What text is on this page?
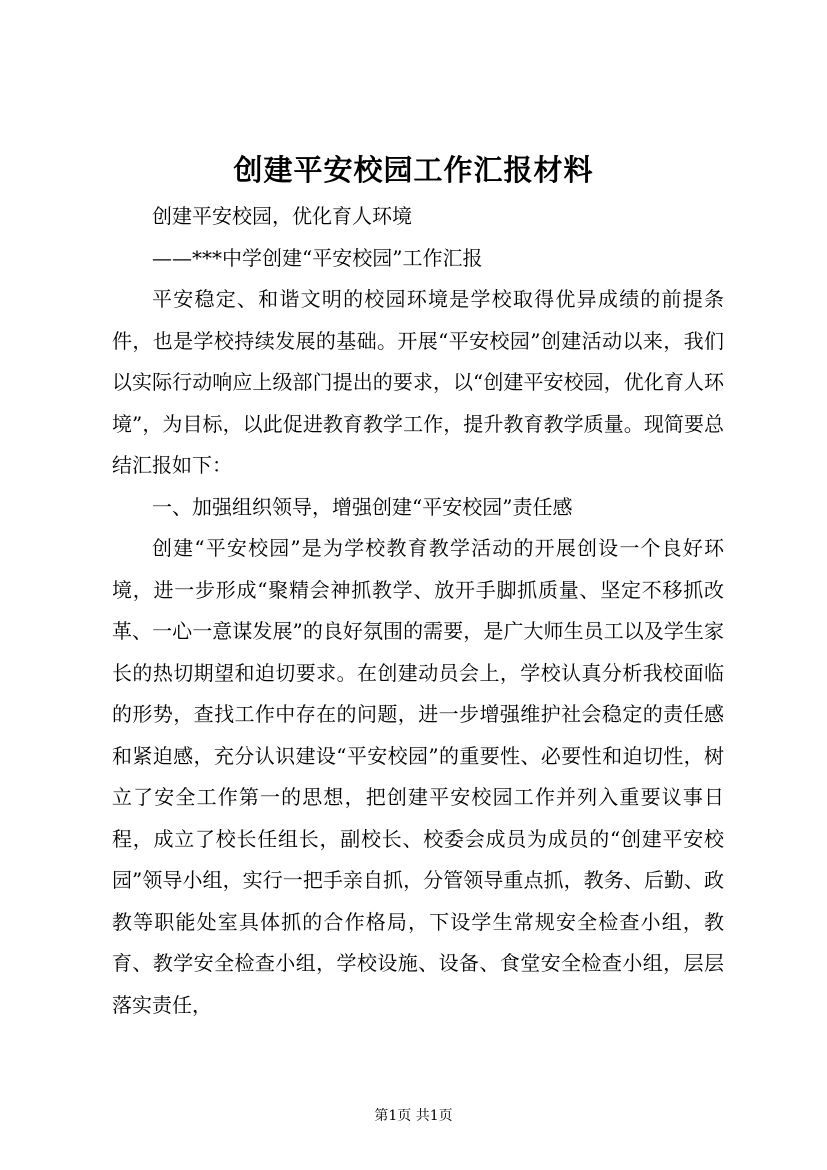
创建平安校园工作汇报材料

创建平安校园，优化育人环境

——***中学创建“平安校园”工作汇报

平安稳定、和谐文明的校园环境是学校取得优异成绩的前提条件，也是学校持续发展的基础。开展“平安校园”创建活动以来，我们以实际行动响应上级部门提出的要求，以“创建平安校园，优化育人环境”，为目标，以此促进教育教学工作，提升教育教学质量。现简要总结汇报如下：

一、加强组织领导，增强创建“平安校园”责任感

创建“平安校园”是为学校教育教学活动的开展创设一个良好环境，进一步形成“聚精会神抓教学、放开手脚抓质量、坚定不移抓改革、一心一意谋发展”的良好氛围的需要，是广大师生员工以及学生家长的热切期望和迫切要求。在创建动员会上，学校认真分析我校面临的形势，查找工作中存在的问题，进一步增强维护社会稳定的责任感和紧迫感，充分认识建设“平安校园”的重要性、必要性和迫切性，树立了安全工作第一的思想，把创建平安校园工作并列入重要议事日程，成立了校长任组长，副校长、校委会成员为成员的“创建平安校园”领导小组，实行一把手亲自抓，分管领导重点抓，教务、后勤、政教等职能处室具体抓的合作格局，下设学生常规安全检查小组，教育、教学安全检查小组，学校设施、设备、食堂安全检查小组，层层落实责任，

第1页 共1页
